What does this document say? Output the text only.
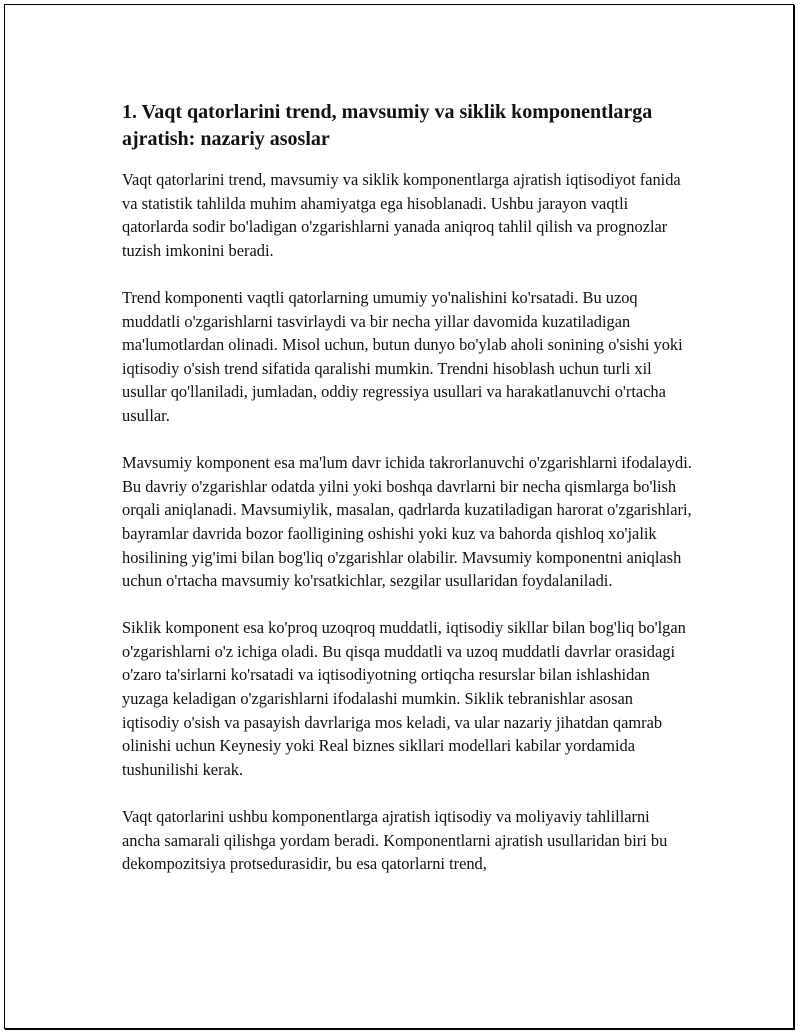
1. Vaqt qatorlarini trend, mavsumiy va siklik komponentlarga ajratish: nazariy asoslar

Vaqt qatorlarini trend, mavsumiy va siklik komponentlarga ajratish iqtisodiyot fanida va statistik tahlilda muhim ahamiyatga ega hisoblanadi. Ushbu jarayon vaqtli qatorlarda sodir bo'ladigan o'zgarishlarni yanada aniqroq tahlil qilish va prognozlar tuzish imkonini beradi.

Trend komponenti vaqtli qatorlarning umumiy yo'nalishini ko'rsatadi. Bu uzoq muddatli o'zgarishlarni tasvirlaydi va bir necha yillar davomida kuzatiladigan ma'lumotlardan olinadi. Misol uchun, butun dunyo bo'ylab aholi sonining o'sishi yoki iqtisodiy o'sish trend sifatida qaralishi mumkin. Trendni hisoblash uchun turli xil usullar qo'llaniladi, jumladan, oddiy regressiya usullari va harakatlanuvchi o'rtacha usullar.

Mavsumiy komponent esa ma'lum davr ichida takrorlanuvchi o'zgarishlarni ifodalaydi. Bu davriy o'zgarishlar odatda yilni yoki boshqa davrlarni bir necha qismlarga bo'lish orqali aniqlanadi. Mavsumiylik, masalan, qadrlarda kuzatiladigan harorat o'zgarishlari, bayramlar davrida bozor faolligining oshishi yoki kuz va bahorda qishloq xo'jalik hosilining yig'imi bilan bog'liq o'zgarishlar olabilir. Mavsumiy komponentni aniqlash uchun o'rtacha mavsumiy ko'rsatkichlar, sezgilar usullaridan foydalaniladi.

Siklik komponent esa ko'proq uzoqroq muddatli, iqtisodiy sikllar bilan bog'liq bo'lgan o'zgarishlarni o'z ichiga oladi. Bu qisqa muddatli va uzoq muddatli davrlar orasidagi o'zaro ta'sirlarni ko'rsatadi va iqtisodiyotning ortiqcha resurslar bilan ishlashidan yuzaga keladigan o'zgarishlarni ifodalashi mumkin. Siklik tebranishlar asosan iqtisodiy o'sish va pasayish davrlariga mos keladi, va ular nazariy jihatdan qamrab olinishi uchun Keynesiy yoki Real biznes sikllari modellari kabilar yordamida tushunilishi kerak.

Vaqt qatorlarini ushbu komponentlarga ajratish iqtisodiy va moliyaviy tahlillarni ancha samarali qilishga yordam beradi. Komponentlarni ajratish usullaridan biri bu dekompozitsiya protsedurasidir, bu esa qatorlarni trend,
